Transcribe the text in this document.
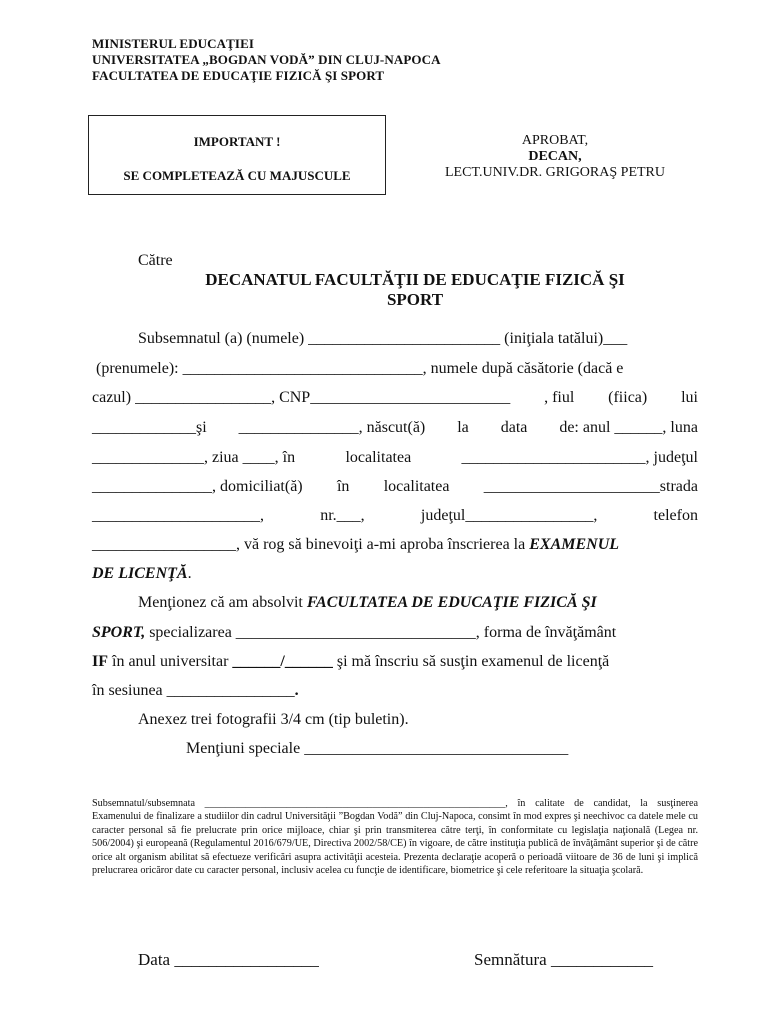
MINISTERUL EDUCAŢIEI
UNIVERSITATEA „BOGDAN VODĂ” DIN CLUJ-NAPOCA
FACULTATEA DE EDUCAŢIE FIZICĂ ŞI SPORT
IMPORTANT !
SE COMPLETEAZĂ CU MAJUSCULE
APROBAT,
DECAN,
LECT.UNIV.DR. GRIGORAŞ PETRU
Către
DECANATUL FACULTĂŢII DE EDUCAŢIE FIZICĂ ŞI
SPORT
Subsemnatul (a) (numele) ________________________ (iniţiala tatălui)___
(prenumele): ______________________________, numele după căsătorie (dacă e
cazul) _________________, CNP_________________________ , fiul (fiica) lui
_____________şi _______________, născut(ă) la data de: anul ______, luna
______________, ziua ____, în	localitatea	_______________________, judeţul
_______________, domiciliat(ă) în localitatea ______________________strada
_____________________,	nr.___,	judeţul________________,	telefon
__________________, vă rog să binevoiţi a-mi aproba înscrierea la EXAMENUL
DE LICENŢĂ.
Menţionez că am absolvit FACULTATEA DE EDUCAŢIE FIZICĂ ŞI
SPORT, specializarea ______________________________, forma de învăţământ
IF în anul universitar ______/______ şi mă înscriu să susţin examenul de licenţă
în sesiunea ________________.
Anexez trei fotografii 3/4 cm (tip buletin).
Menţiuni speciale _________________________________
Subsemnatul/subsemnata ___________________________________________________________, în calitate de candidat, la susţinerea Examenului de finalizare a studiilor din cadrul Universităţii ”Bogdan Vodă” din Cluj-Napoca, consimt în mod expres şi neechivoc ca datele mele cu caracter personal să fie prelucrate prin orice mijloace, chiar şi prin transmiterea către terţi, în conformitate cu legislaţia naţională (Legea nr. 506/2004) şi europeană (Regulamentul 2016/679/UE, Directiva 2002/58/CE) în vigoare, de către instituţia publică de învăţământ superior şi de către orice alt organism abilitat să efectueze verificări asupra activităţii acesteia. Prezenta declaraţie acoperă o perioadă viitoare de 36 de luni şi implică prelucrarea oricăror date cu caracter personal, inclusiv acelea cu funcţie de identificare, biometrice şi cele referitoare la situaţia şcolară.
Data _________________	Semnătura ____________
